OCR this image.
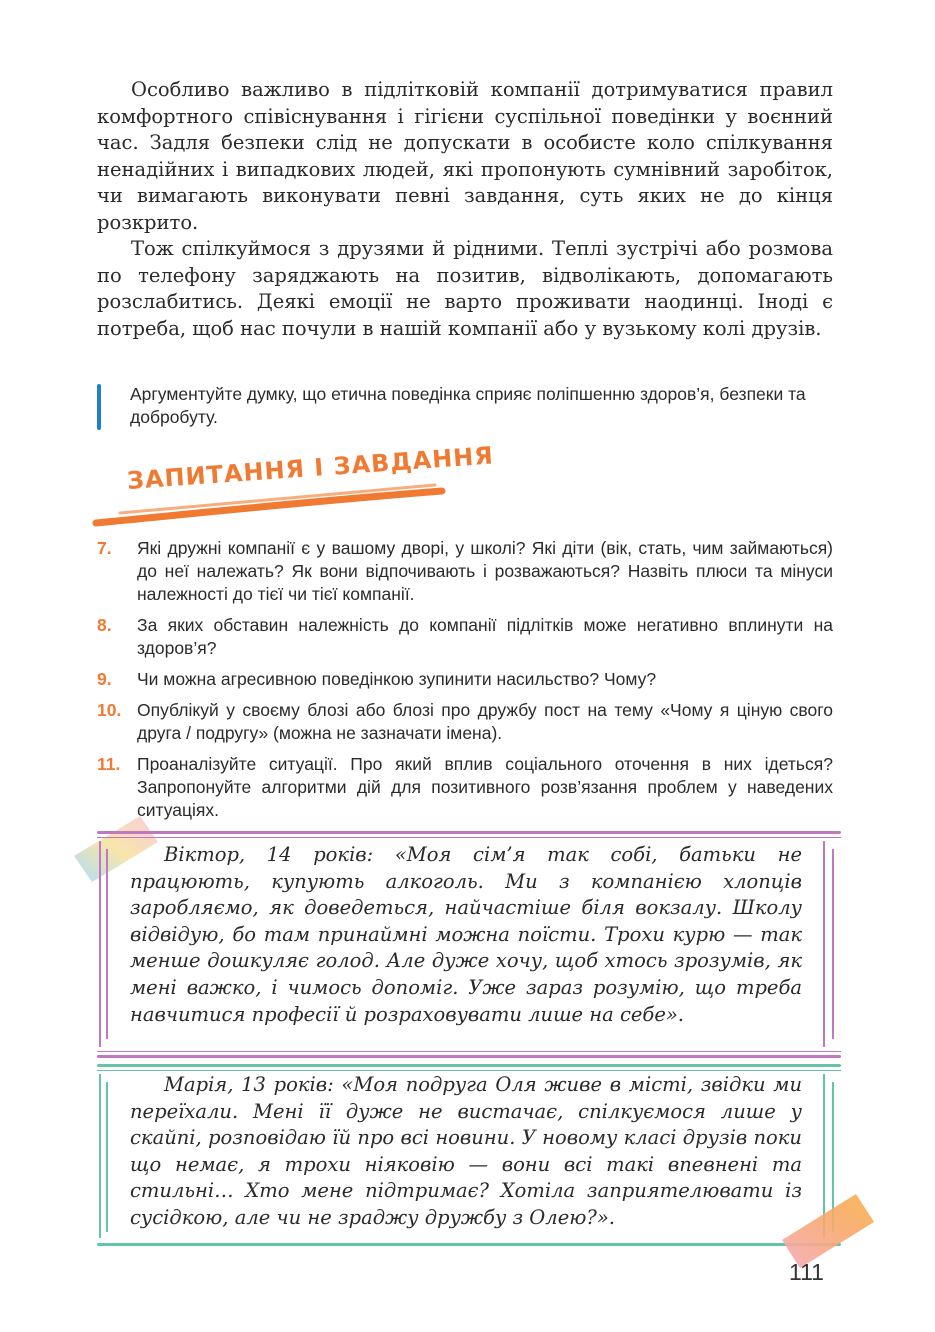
Особливо важливо в підлітковій компанії дотримуватися правил комфортного співіснування і гігієни суспільної поведінки у воєнний час. Задля безпеки слід не допускати в особисте коло спілкування ненадійних і випадкових людей, які пропонують сумнівний заробіток, чи вимагають виконувати певні завдання, суть яких не до кінця розкрито.

Тож спілкуймося з друзями й рідними. Теплі зустрічі або розмова по телефону заряджають на позитив, відволікають, допомагають розслабитись. Деякі емоції не варто проживати наодинці. Іноді є потреба, щоб нас почули в нашій компанії або у вузькому колі друзів.

Аргументуйте думку, що етична поведінка сприяє поліпшенню здоров’я, безпеки та добробуту.

ЗАПИТАННЯ І ЗАВДАННЯ
7. Які дружні компанії є у вашому дворі, у школі? Які діти (вік, стать, чим займаються) до неї належать? Як вони відпочивають і розважаються? Назвіть плюси та мінуси належності до тієї чи тієї компанії.
8. За яких обставин належність до компанії підлітків може негативно вплинути на здоров’я?
9. Чи можна агресивною поведінкою зупинити насильство? Чому?
10. Опублікуй у своєму блозі або блозі про дружбу пост на тему «Чому я ціную свого друга / подругу» (можна не зазначати імена).
11. Проаналізуйте ситуації. Про який вплив соціального оточення в них ідеться? Запропонуйте алгоритми дій для позитивного розв’язання проблем у наведених ситуаціях.

Віктор, 14 років: «Моя сім’я так собі, батьки не працюють, купують алкоголь. Ми з компанією хлопців заробляємо, як доведеться, найчастіше біля вокзалу. Школу відвідую, бо там принаймні можна поїсти. Трохи курю — так менше дошкуляє голод. Але дуже хочу, щоб хтось зрозумів, як мені важко, і чимось допоміг. Уже зараз розумію, що треба навчитися професії й розраховувати лише на себе».

Марія, 13 років: «Моя подруга Оля живе в місті, звідки ми переїхали. Мені її дуже не вистачає, спілкуємося лише у скайпі, розповідаю їй про всі новини. У новому класі друзів поки що немає, я трохи ніяковію — вони всі такі впевнені та стильні… Хто мене підтримає? Хотіла заприятелювати із сусідкою, але чи не зраджу дружбу з Олею?».

111
